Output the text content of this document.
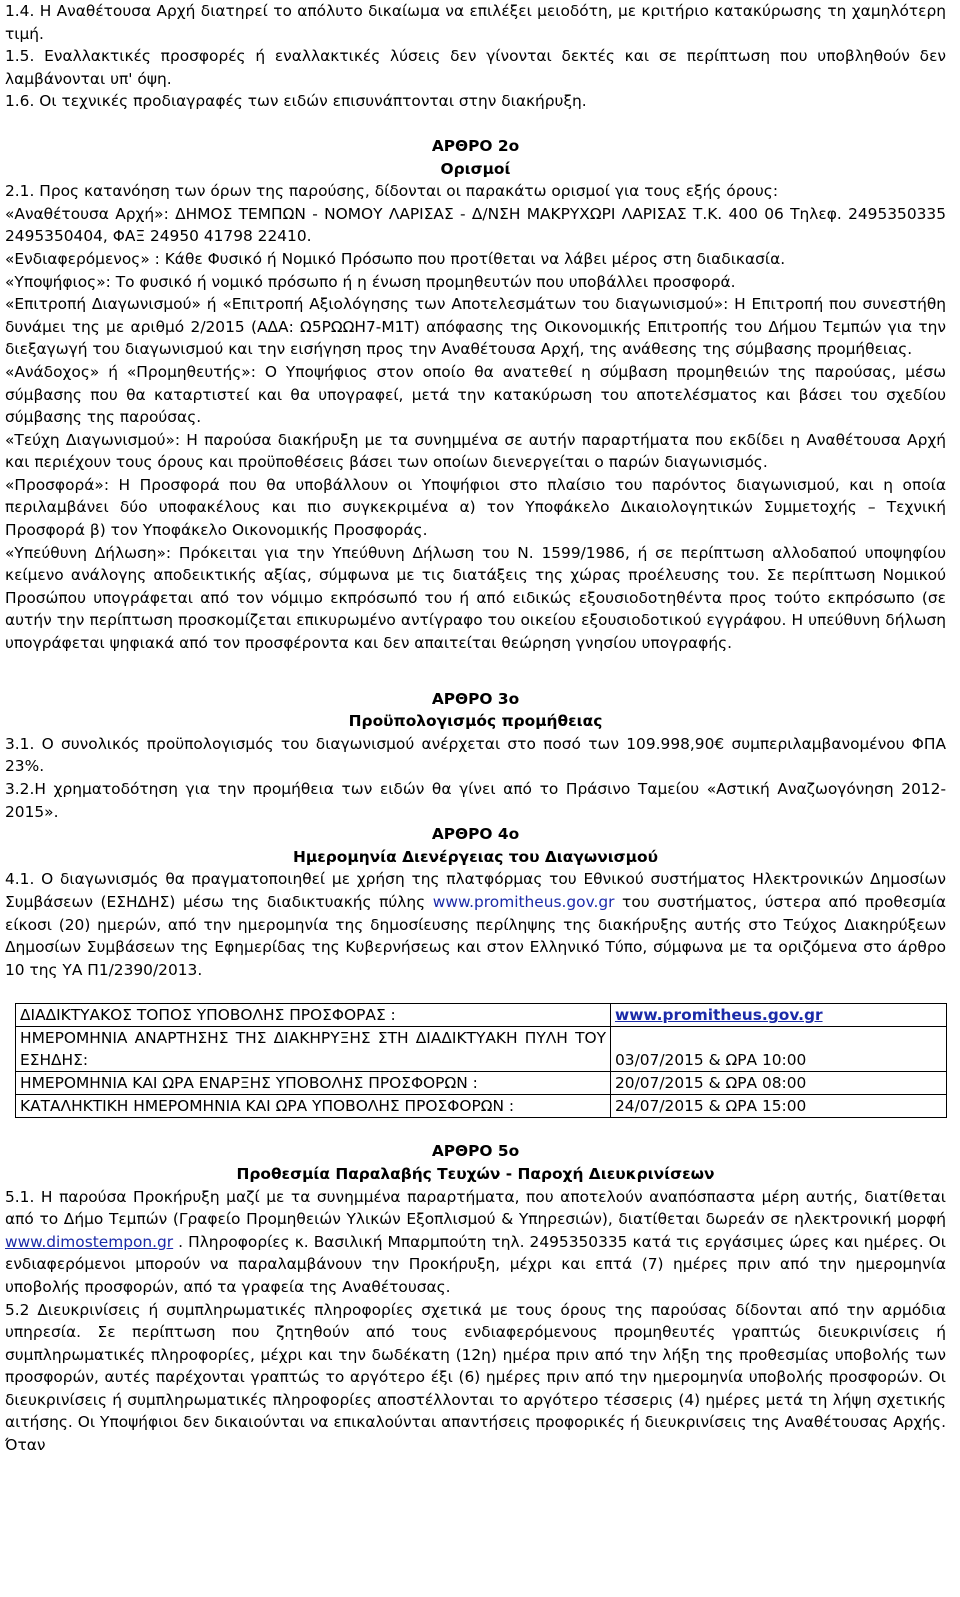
1.4. Η Αναθέτουσα Αρχή διατηρεί το απόλυτο δικαίωμα να επιλέξει μειοδότη, με κριτήριο κατακύρωσης τη χαμηλότερη τιμή.

1.5. Εναλλακτικές προσφορές ή εναλλακτικές λύσεις δεν γίνονται δεκτές και σε περίπτωση που υποβληθούν δεν λαμβάνονται υπ' όψη.

1.6. Οι τεχνικές προδιαγραφές των ειδών επισυνάπτονται στην διακήρυξη.

ΑΡΘΡΟ 2ο
Ορισμοί

2.1. Προς κατανόηση των όρων της παρούσης, δίδονται οι παρακάτω ορισμοί για τους εξής όρους:

«Αναθέτουσα Αρχή»: ΔΗΜΟΣ ΤΕΜΠΩΝ - ΝΟΜΟΥ ΛΑΡΙΣΑΣ - Δ/ΝΣΗ ΜΑΚΡΥΧΩΡΙ ΛΑΡΙΣΑΣ Τ.Κ. 400 06 Τηλεφ. 2495350335 2495350404, ΦΑΞ 24950 41798 22410.

«Ενδιαφερόμενος» : Κάθε Φυσικό ή Νομικό Πρόσωπο που προτίθεται να λάβει μέρος στη διαδικασία.

«Υποψήφιος»: Το φυσικό ή νομικό πρόσωπο ή η ένωση προμηθευτών που υποβάλλει προσφορά.

«Επιτροπή Διαγωνισμού» ή «Επιτροπή Αξιολόγησης των Αποτελεσμάτων του διαγωνισμού»: Η Επιτροπή που συνεστήθη δυνάμει της με αριθμό 2/2015 (ΑΔΑ: Ω5ΡΩΩΗ7-Μ1Τ) απόφασης της Οικονομικής Επιτροπής του Δήμου Τεμπών για την διεξαγωγή του διαγωνισμού και την εισήγηση προς την Αναθέτουσα Αρχή, της ανάθεσης της σύμβασης προμήθειας.

«Ανάδοχος» ή «Προμηθευτής»: Ο Υποψήφιος στον οποίο θα ανατεθεί η σύμβαση προμηθειών της παρούσας, μέσω σύμβασης που θα καταρτιστεί και θα υπογραφεί, μετά την κατακύρωση του αποτελέσματος και βάσει του σχεδίου σύμβασης της παρούσας.

«Τεύχη Διαγωνισμού»: Η παρούσα διακήρυξη με τα συνημμένα σε αυτήν παραρτήματα που εκδίδει η Αναθέτουσα Αρχή και περιέχουν τους όρους και προϋποθέσεις βάσει των οποίων διενεργείται ο παρών διαγωνισμός.

«Προσφορά»: Η Προσφορά που θα υποβάλλουν οι Υποψήφιοι στο πλαίσιο του παρόντος διαγωνισμού, και η οποία περιλαμβάνει δύο υποφακέλους και πιο συγκεκριμένα α) τον Υποφάκελο Δικαιολογητικών Συμμετοχής – Τεχνική Προσφορά β) τον Υποφάκελο Οικονομικής Προσφοράς.

«Υπεύθυνη Δήλωση»: Πρόκειται για την Υπεύθυνη Δήλωση του Ν. 1599/1986, ή σε περίπτωση αλλοδαπού υποψηφίου κείμενο ανάλογης αποδεικτικής αξίας, σύμφωνα με τις διατάξεις της χώρας προέλευσης του. Σε περίπτωση Νομικού Προσώπου υπογράφεται από τον νόμιμο εκπρόσωπό του ή από ειδικώς εξουσιοδοτηθέντα προς τούτο εκπρόσωπο (σε αυτήν την περίπτωση προσκομίζεται επικυρωμένο αντίγραφο του οικείου εξουσιοδοτικού εγγράφου. Η υπεύθυνη δήλωση υπογράφεται ψηφιακά από τον προσφέροντα και δεν απαιτείται θεώρηση γνησίου υπογραφής.

ΑΡΘΡΟ 3ο
Προϋπολογισμός προμήθειας

3.1. Ο συνολικός προϋπολογισμός του διαγωνισμού ανέρχεται στο ποσό των 109.998,90€ συμπεριλαμβανομένου ΦΠΑ 23%.

3.2.Η χρηματοδότηση για την προμήθεια των ειδών θα γίνει από το Πράσινο Ταμείου «Αστική Αναζωογόνηση 2012-2015».

ΑΡΘΡΟ 4ο
Ημερομηνία Διενέργειας του Διαγωνισμού

4.1. Ο διαγωνισμός θα πραγματοποιηθεί με χρήση της πλατφόρμας του Εθνικού συστήματος Ηλεκτρονικών Δημοσίων Συμβάσεων (ΕΣΗΔΗΣ) μέσω της διαδικτυακής πύλης www.promitheus.gov.gr του συστήματος, ύστερα από προθεσμία είκοσι (20) ημερών, από την ημερομηνία της δημοσίευσης περίληψης της διακήρυξης αυτής στο Τεύχος Διακηρύξεων Δημοσίων Συμβάσεων της Εφημερίδας της Κυβερνήσεως και στον Ελληνικό Τύπο, σύμφωνα με τα οριζόμενα στο άρθρο 10 της ΥΑ Π1/2390/2013.

ΔΙΑΔΙΚΤΥΑΚΟΣ ΤΟΠΟΣ ΥΠΟΒΟΛΗΣ ΠΡΟΣΦΟΡΑΣ :	www.promitheus.gov.gr
ΗΜΕΡΟΜΗΝΙΑ ΑΝΑΡΤΗΣΗΣ ΤΗΣ ΔΙΑΚΗΡΥΞΗΣ ΣΤΗ ΔΙΑΔΙΚΤΥΑΚΗ ΠΥΛΗ ΤΟΥ ΕΣΗΔΗΣ:	03/07/2015 & ΩΡΑ 10:00
ΗΜΕΡΟΜΗΝΙΑ ΚΑΙ ΩΡΑ ΕΝΑΡΞΗΣ ΥΠΟΒΟΛΗΣ ΠΡΟΣΦΟΡΩΝ :	20/07/2015 & ΩΡΑ 08:00
ΚΑΤΑΛΗΚΤΙΚΗ ΗΜΕΡΟΜΗΝΙΑ ΚΑΙ ΩΡΑ ΥΠΟΒΟΛΗΣ ΠΡΟΣΦΟΡΩΝ :	24/07/2015 & ΩΡΑ 15:00
ΑΡΘΡΟ 5ο
Προθεσμία Παραλαβής Τευχών - Παροχή Διευκρινίσεων

5.1. Η παρούσα Προκήρυξη μαζί με τα συνημμένα παραρτήματα, που αποτελούν αναπόσπαστα μέρη αυτής, διατίθεται από το Δήμο Τεμπών (Γραφείο Προμηθειών Υλικών Εξοπλισμού & Υπηρεσιών), διατίθεται δωρεάν σε ηλεκτρονική μορφή www.dimostempon.gr . Πληροφορίες κ. Βασιλική Μπαρμπούτη τηλ. 2495350335 κατά τις εργάσιμες ώρες και ημέρες. Οι ενδιαφερόμενοι μπορούν να παραλαμβάνουν την Προκήρυξη, μέχρι και επτά (7) ημέρες πριν από την ημερομηνία υποβολής προσφορών, από τα γραφεία της Αναθέτουσας.

5.2 Διευκρινίσεις ή συμπληρωματικές πληροφορίες σχετικά με τους όρους της παρούσας δίδονται από την αρμόδια υπηρεσία. Σε περίπτωση που ζητηθούν από τους ενδιαφερόμενους προμηθευτές γραπτώς διευκρινίσεις ή συμπληρωματικές πληροφορίες, μέχρι και την δωδέκατη (12η) ημέρα πριν από την λήξη της προθεσμίας υποβολής των προσφορών, αυτές παρέχονται γραπτώς το αργότερο έξι (6) ημέρες πριν από την ημερομηνία υποβολής προσφορών. Οι διευκρινίσεις ή συμπληρωματικές πληροφορίες αποστέλλονται το αργότερο τέσσερις (4) ημέρες μετά τη λήψη σχετικής αιτήσης. Οι Υποψήφιοι δεν δικαιούνται να επικαλούνται απαντήσεις προφορικές ή διευκρινίσεις της Αναθέτουσας Αρχής. Όταν
